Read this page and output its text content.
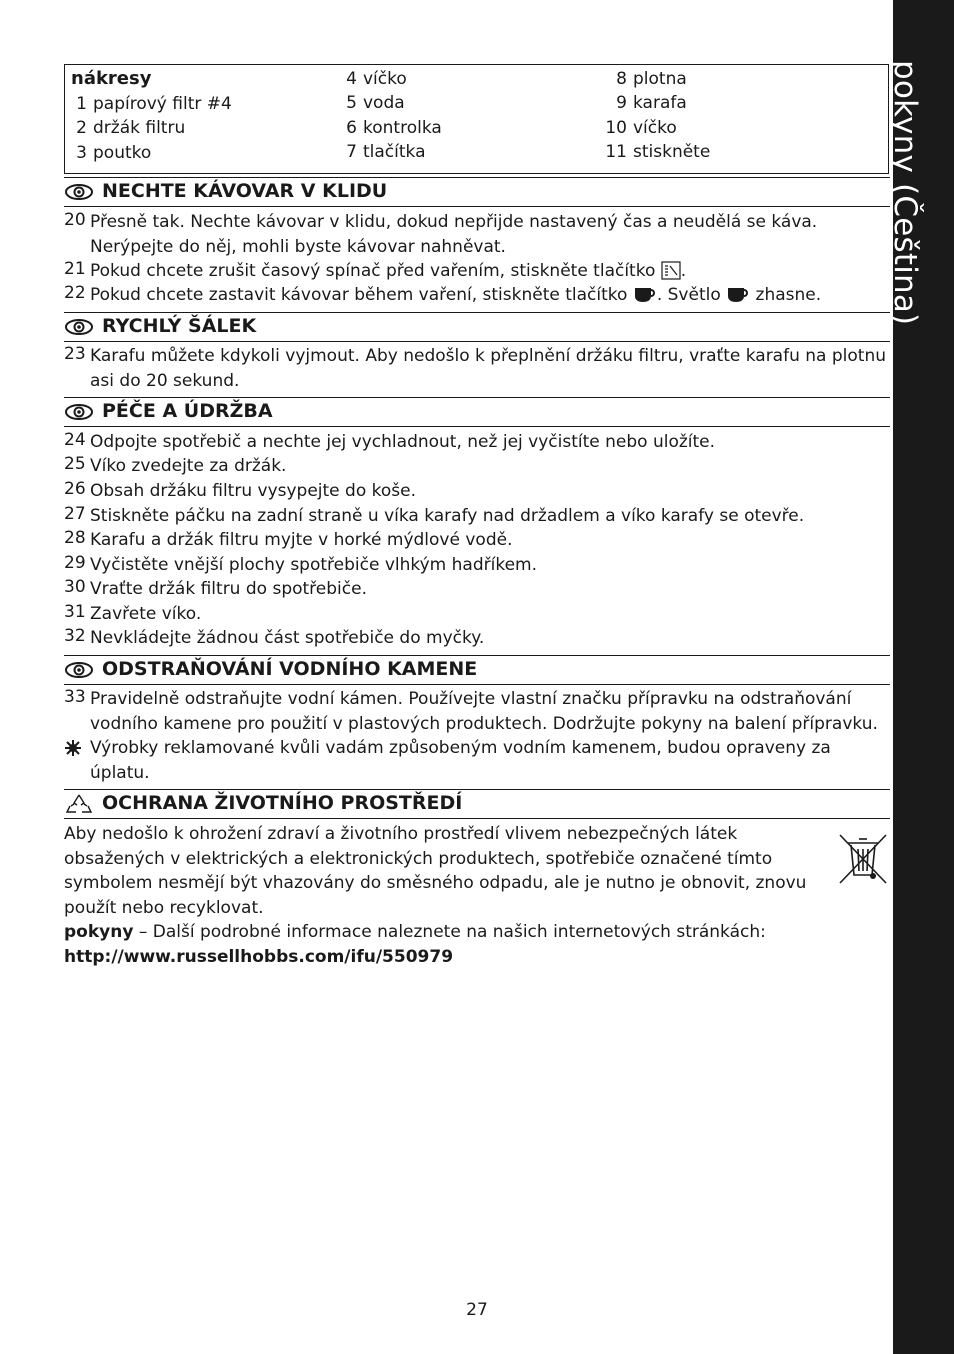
pokyny (Čeština)
nákresy
1 papírový filtr #4
2 držák filtru
3 poutko
4 víčko
5 voda
6 kontrolka
7 tlačítka
8 plotna
9 karafa
10 víčko
11 stiskněte
NECHTE KÁVOVAR V KLIDU
20 Přesně tak. Nechte kávovar v klidu, dokud nepřijde nastavený čas a neudělá se káva. Nerýpejte do něj, mohli byste kávovar nahněvat.
21 Pokud chcete zrušit časový spínač před vařením, stiskněte tlačítko .
22 Pokud chcete zastavit kávovar během vaření, stiskněte tlačítko . Světlo  zhasne.
RYCHLÝ ŠÁLEK
23 Karafu můžete kdykoli vyjmout. Aby nedošlo k přeplnění držáku filtru, vraťte karafu na plotnu asi do 20 sekund.
PÉČE A ÚDRŽBA
24 Odpojte spotřebič a nechte jej vychladnout, než jej vyčistíte nebo uložíte.
25 Víko zvedejte za držák.
26 Obsah držáku filtru vysypejte do koše.
27 Stiskněte páčku na zadní straně u víka karafy nad držadlem a víko karafy se otevře.
28 Karafu a držák filtru myjte v horké mýdlové vodě.
29 Vyčistěte vnější plochy spotřebiče vlhkým hadříkem.
30 Vraťte držák filtru do spotřebiče.
31 Zavřete víko.
32 Nevkládejte žádnou část spotřebiče do myčky.
ODSTRAŇOVÁNÍ VODNÍHO KAMENE
33 Pravidelně odstraňujte vodní kámen. Používejte vlastní značku přípravku na odstraňování vodního kamene pro použití v plastových produktech. Dodržujte pokyny na balení přípravku.
Výrobky reklamované kvůli vadám způsobeným vodním kamenem, budou opraveny za úplatu.
OCHRANA ŽIVOTNÍHO PROSTŘEDÍ
Aby nedošlo k ohrožení zdraví a životního prostředí vlivem nebezpečných látek obsažených v elektrických a elektronických produktech, spotřebiče označené tímto symbolem nesmějí být vhazovány do směsného odpadu, ale je nutno je obnovit, znovu použít nebo recyklovat.
pokyny – Další podrobné informace naleznete na našich internetových stránkách:
http://www.russellhobbs.com/ifu/550979
27
